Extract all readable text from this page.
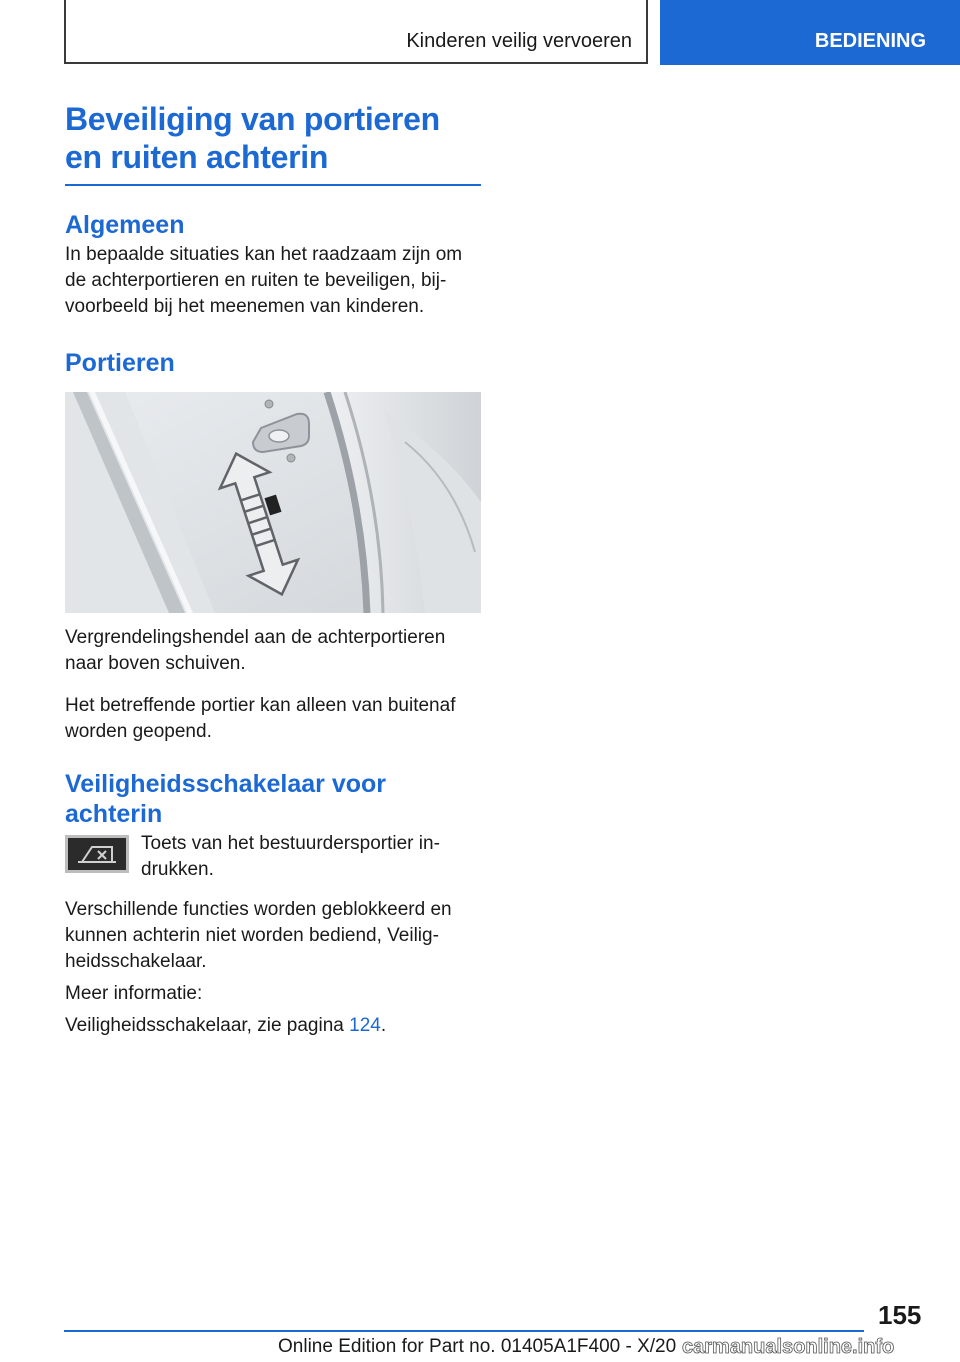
Kinderen veilig vervoeren	BEDIENING
Beveiliging van portieren
en ruiten achterin
Algemeen

In bepaalde situaties kan het raadzaam zijn om de achterportieren en ruiten te beveiligen, bijvoorbeeld bij het meenemen van kinderen.

Portieren

Vergrendelingshendel aan de achterportieren naar boven schuiven.

Het betreffende portier kan alleen van buitenaf worden geopend.

Veiligheidsschakelaar voor
achterin

Toets van het bestuurdersportier indrukken.

Verschillende functies worden geblokkeerd en kunnen achterin niet worden bediend, Veiligheidsschakelaar.

Meer informatie:

Veiligheidsschakelaar, zie pagina 124.

155
Online Edition for Part no. 01405A1F400 - X/20 carmanualsonline.info
